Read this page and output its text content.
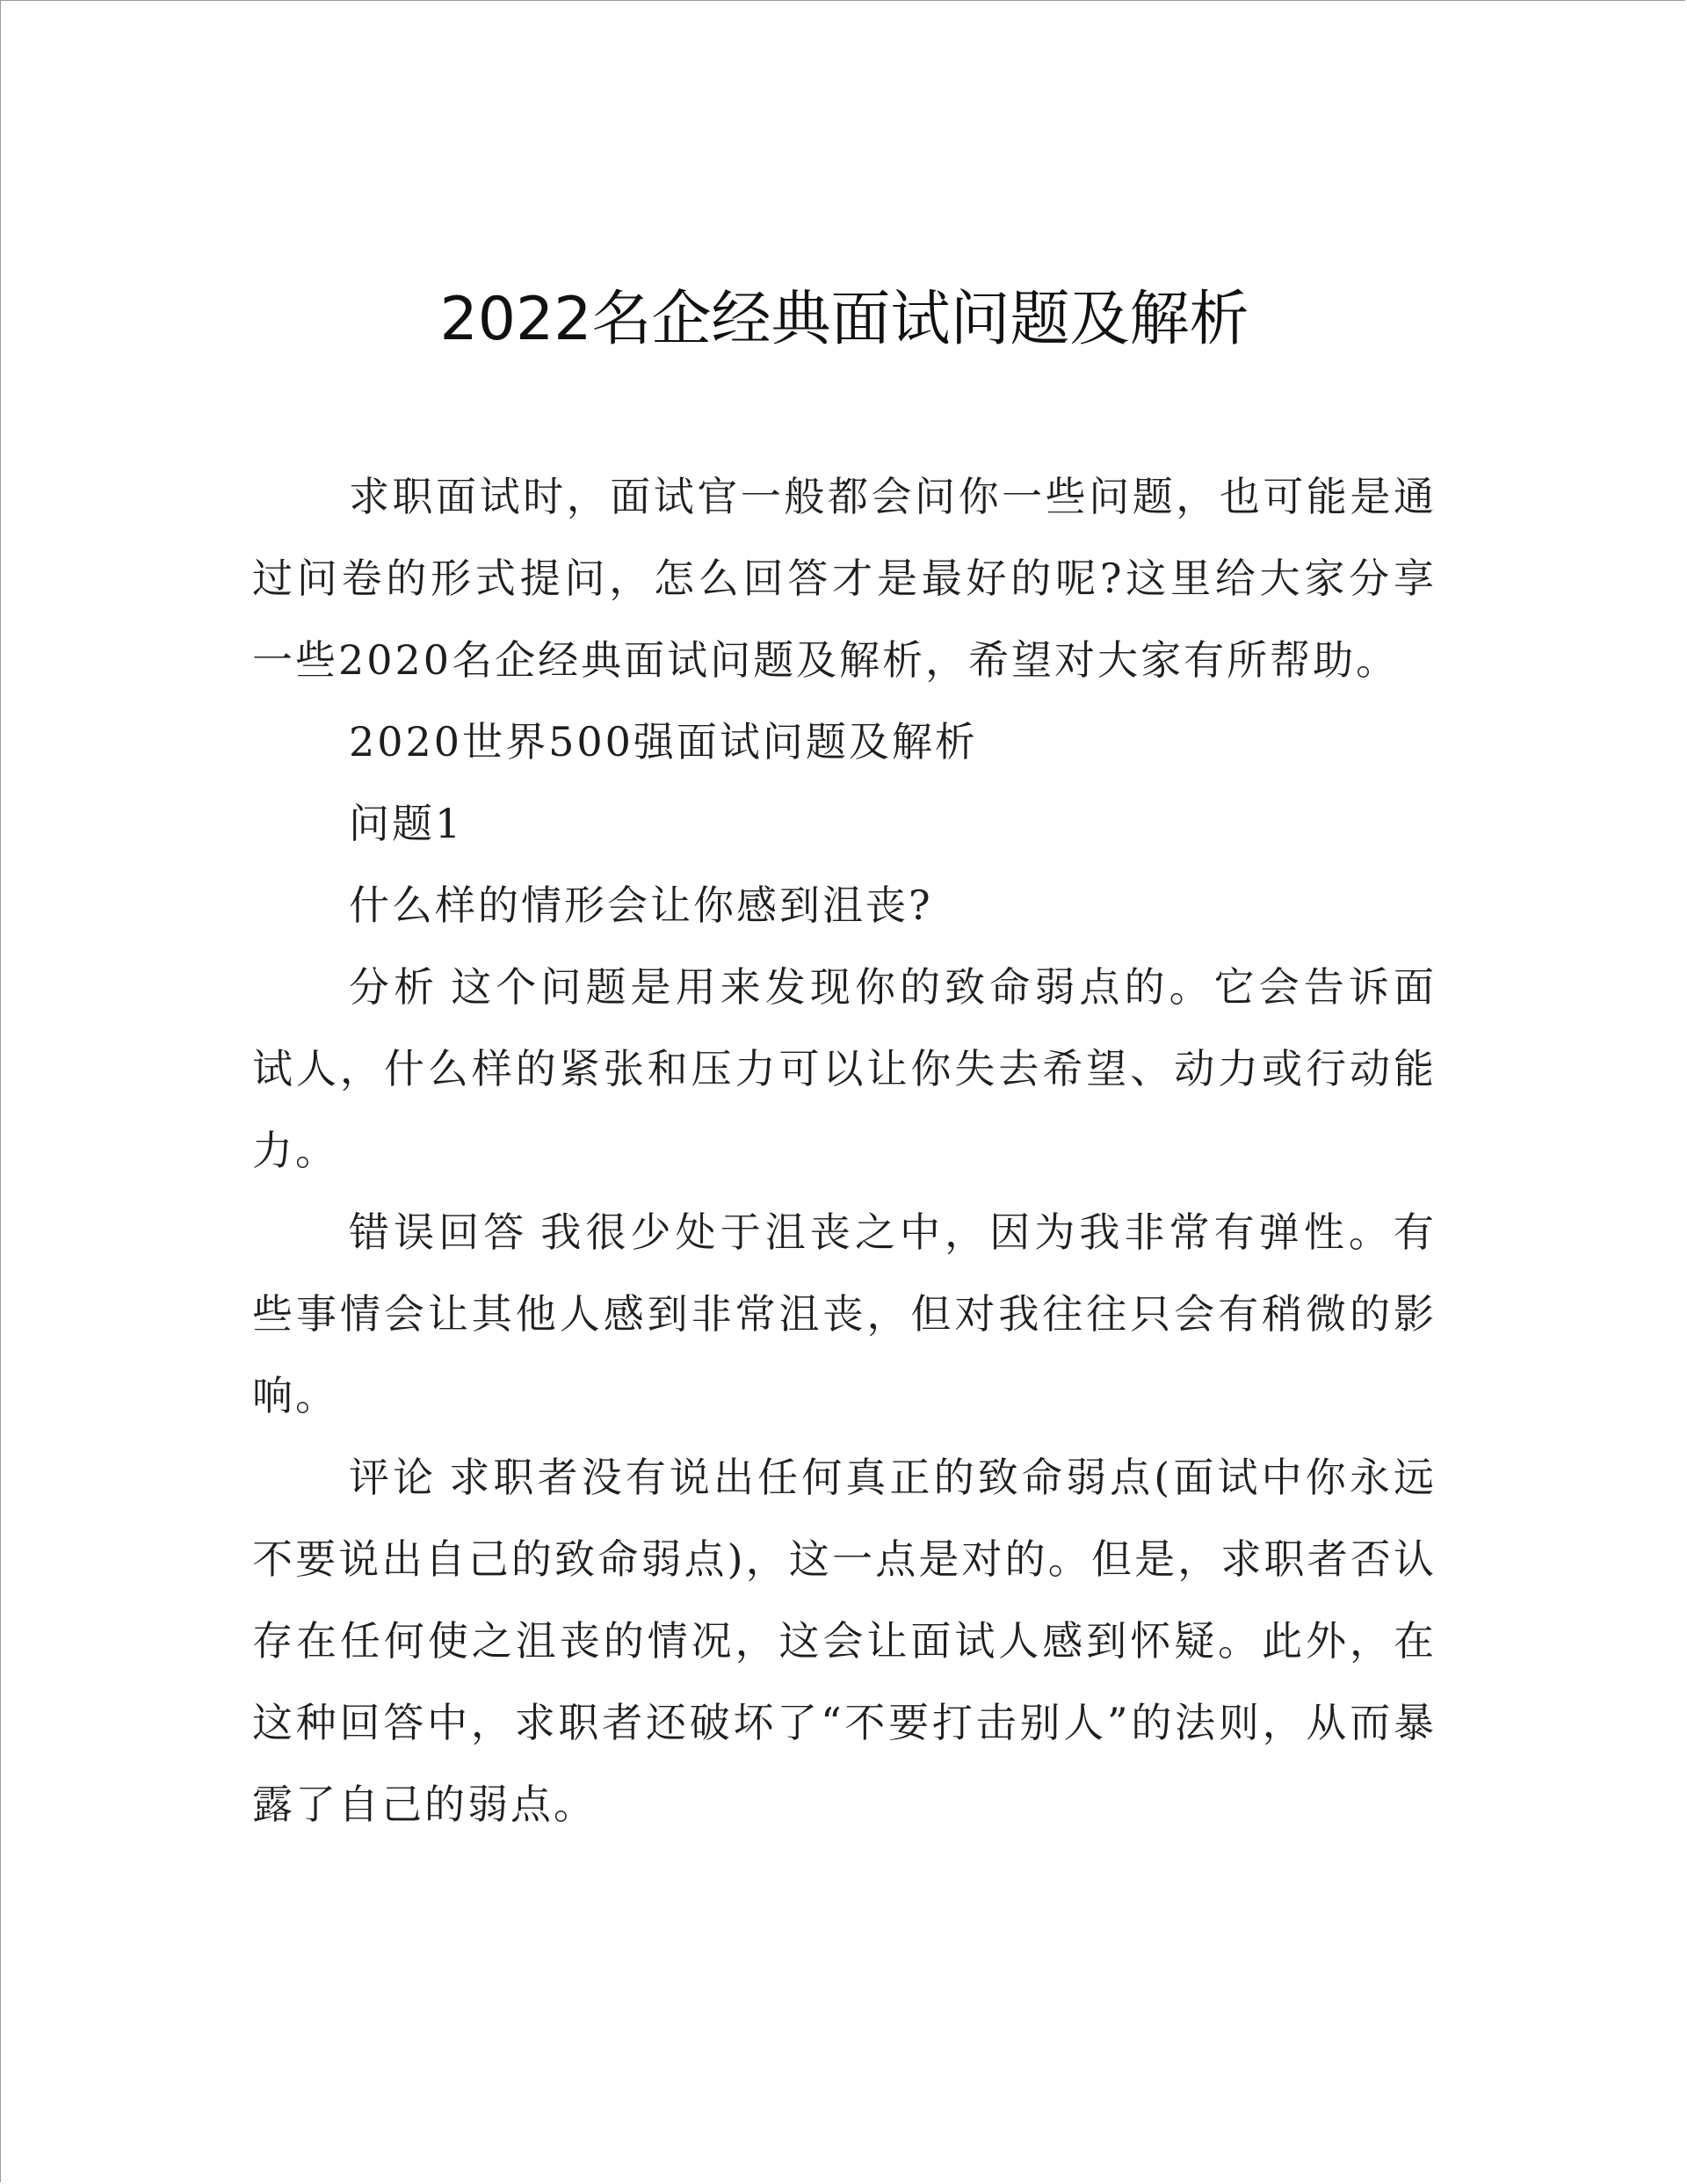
2022名企经典面试问题及解析

求职面试时，面试官一般都会问你一些问题，也可能是通过问卷的形式提问，怎么回答才是最好的呢?这里给大家分享一些2020名企经典面试问题及解析，希望对大家有所帮助。

2020世界500强面试问题及解析

问题1

什么样的情形会让你感到沮丧?

分析 这个问题是用来发现你的致命弱点的。它会告诉面试人，什么样的紧张和压力可以让你失去希望、动力或行动能力。

错误回答 我很少处于沮丧之中，因为我非常有弹性。有些事情会让其他人感到非常沮丧，但对我往往只会有稍微的影响。

评论 求职者没有说出任何真正的致命弱点(面试中你永远不要说出自己的致命弱点)，这一点是对的。但是，求职者否认存在任何使之沮丧的情况，这会让面试人感到怀疑。此外，在这种回答中，求职者还破坏了“不要打击别人”的法则，从而暴露了自己的弱点。
